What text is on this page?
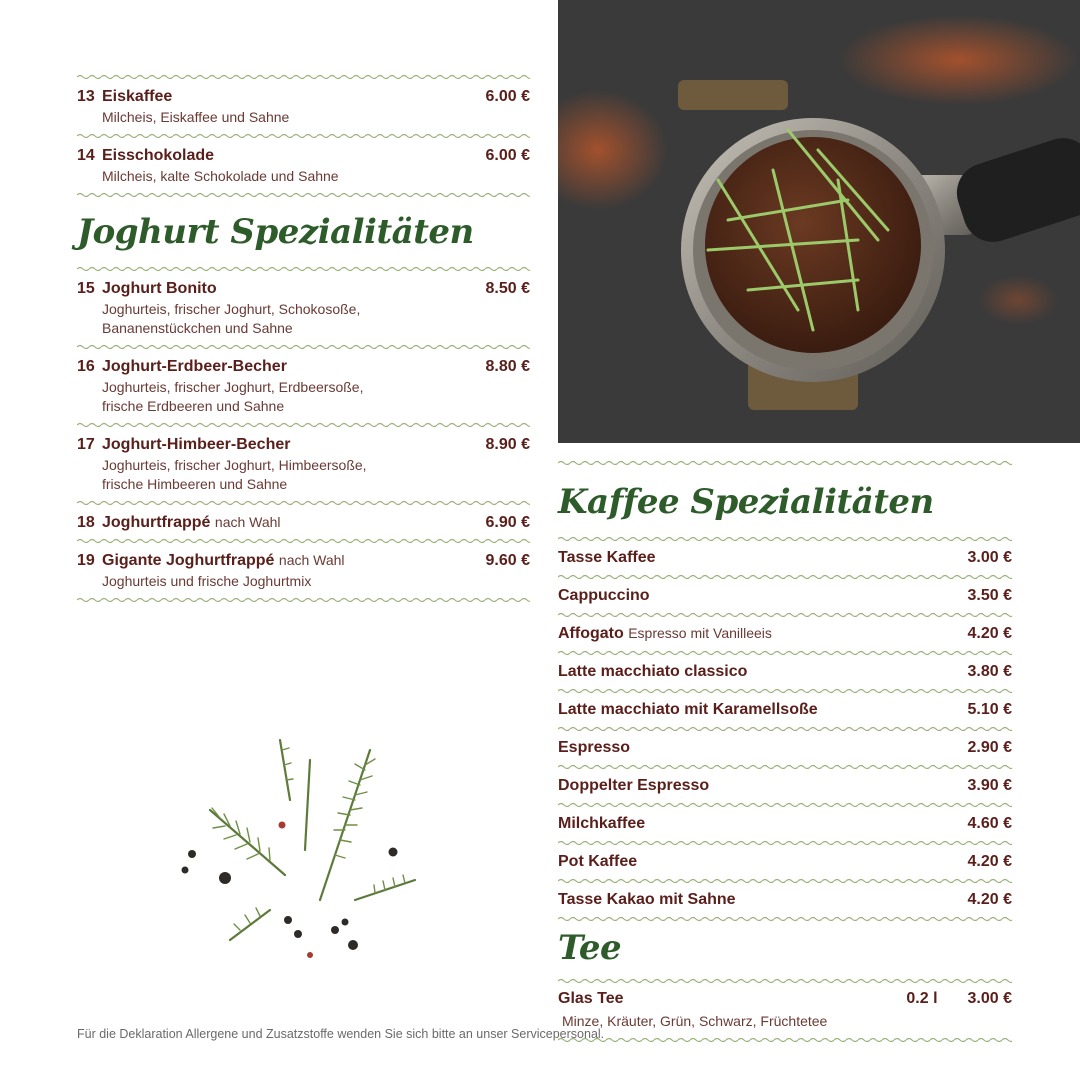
13 Eiskaffee	6.00 €
Milcheis, Eiskaffee und Sahne
14 Eisschokolade	6.00 €
Milcheis, kalte Schokolade und Sahne
Joghurt Spezialitäten
15 Joghurt Bonito	8.50 €
Joghurteis, frischer Joghurt, Schokosoße,
Bananenstückchen und Sahne
16 Joghurt-Erdbeer-Becher	8.80 €
Joghurteis, frischer Joghurt, Erdbeersoße,
frische Erdbeeren und Sahne
17 Joghurt-Himbeer-Becher	8.90 €
Joghurteis, frischer Joghurt, Himbeersoße,
frische Himbeeren und Sahne
18 Joghurtfrappé nach Wahl	6.90 €
19 Gigante Joghurtfrappé nach Wahl	9.60 €
Joghurteis und frische Joghurtmix
Kaffee Spezialitäten
Tasse Kaffee	3.00 €
Cappuccino	3.50 €
Affogato Espresso mit Vanilleeis	4.20 €
Latte macchiato classico	3.80 €
Latte macchiato mit Karamellsoße	5.10 €
Espresso	2.90 €
Doppelter Espresso	3.90 €
Milchkaffee	4.60 €
Pot Kaffee	4.20 €
Tasse Kakao mit Sahne	4.20 €
Tee
Glas Tee	0.2 l 3.00 €
Minze, Kräuter, Grün, Schwarz, Früchtetee
Für die Deklaration Allergene und Zusatzstoffe wenden Sie sich bitte an unser Servicepersonal.
